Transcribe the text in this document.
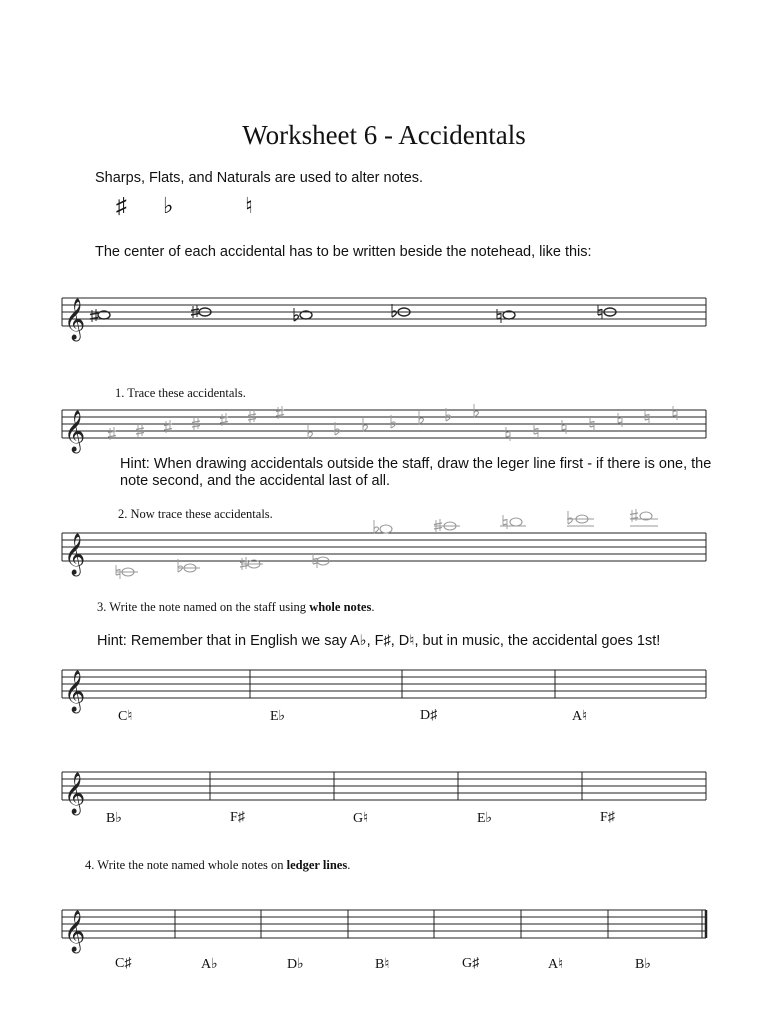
Worksheet 6 - Accidentals
Sharps, Flats, and Naturals are used to alter notes.
♯ ♭	♮
The center of each accidental has to be written beside the notehead, like this:
1. Trace these accidentals.
Hint: When drawing accidentals outside the staff, draw the leger line first - if there is one, the note second, and the accidental last of all.
2. Now trace these accidentals.
3. Write the note named on the staff using whole notes.
Hint: Remember that in English we say A♭, F♯, D♮, but in music, the accidental goes 1st!
C♮	E♭	D♯	A♮
B♭	F♯	G♮	E♭	F♯
4. Write the note named whole notes on ledger lines.
C♯	A♭	D♭	B♮	G♯	A♮	B♭
𝄞
𝄞
𝄞
𝄞
𝄞
𝄞
